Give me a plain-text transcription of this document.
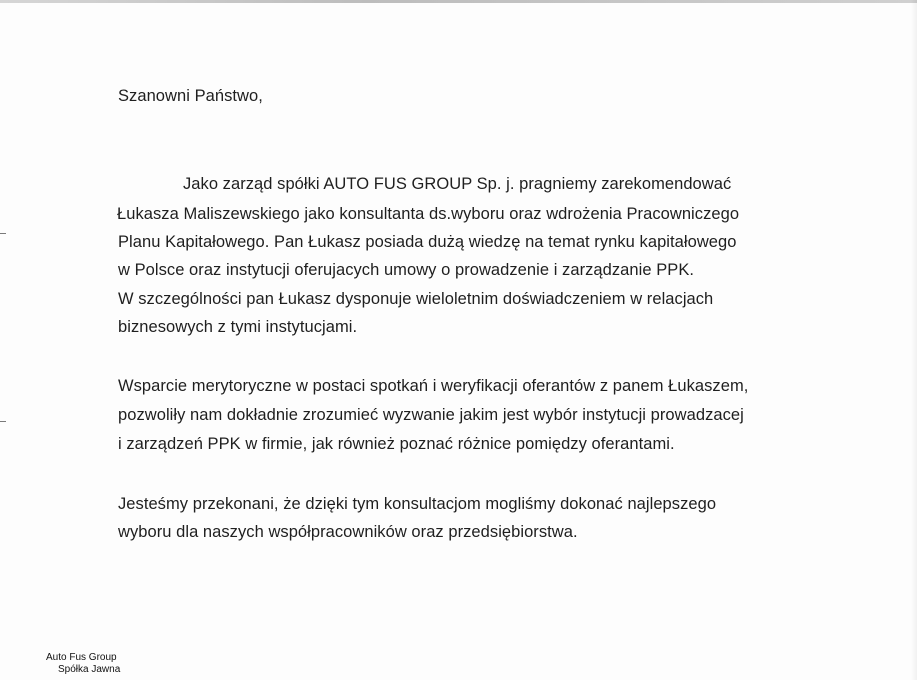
Szanowni Państwo,
Jako zarząd spółki AUTO FUS GROUP Sp. j. pragniemy zarekomendować
Łukasza Maliszewskiego jako konsultanta ds.wyboru oraz wdrożenia Pracowniczego
Planu Kapitałowego. Pan Łukasz posiada dużą wiedzę na temat rynku kapitałowego
w Polsce oraz instytucji oferujacych umowy o prowadzenie i zarządzanie PPK.
W szczególności pan Łukasz dysponuje wieloletnim doświadczeniem w relacjach
biznesowych z tymi instytucjami.
Wsparcie merytoryczne w postaci spotkań i weryfikacji oferantów z panem Łukaszem,
pozwoliły nam dokładnie zrozumieć wyzwanie jakim jest wybór instytucji prowadzacej
i zarządzeń PPK w firmie, jak również poznać różnice pomiędzy oferantami.
Jesteśmy przekonani, że dzięki tym konsultacjom mogliśmy dokonać najlepszego
wyboru dla naszych współpracowników oraz przedsiębiorstwa.
Auto Fus Group
Spółka Jawna
